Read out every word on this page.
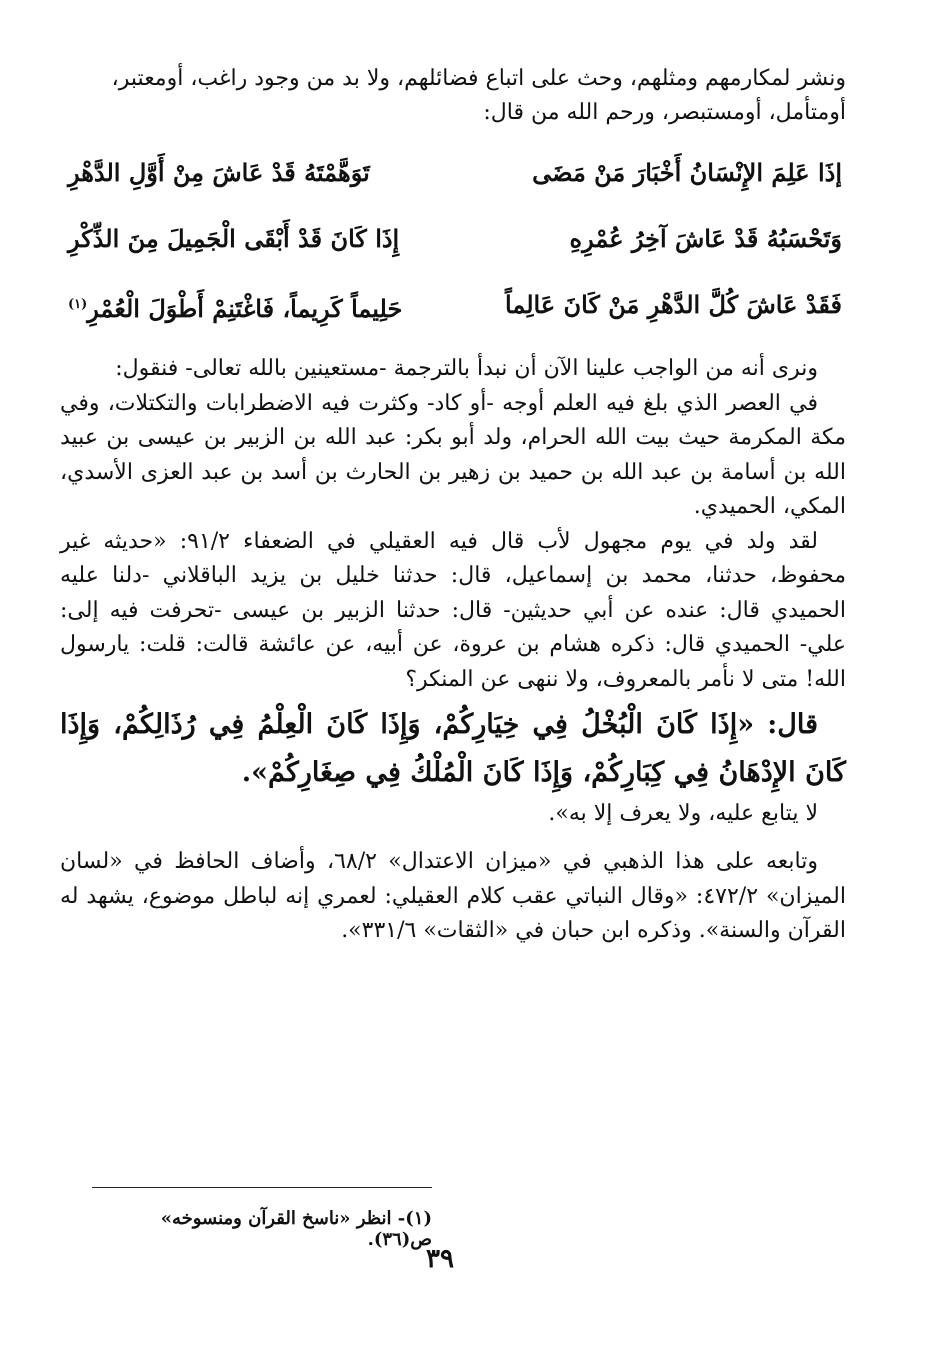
ونشر لمكارمهم ومثلهم، وحث على اتباع فضائلهم، ولا بد من وجود راغب، أومعتبر،
أومتأمل، أومستبصر، ورحم الله من قال:
إذَا عَلِمَ الإِنْسَانُ أَخْبَارَ مَنْ مَضَى
تَوَهَّمْتَهُ قَدْ عَاشَ مِنْ أَوَّلِ الدَّهْرِ
وَتَحْسَبُهُ قَدْ عَاشَ آخِرُ عُمْرِهِ
إِذَا كَانَ قَدْ أَبْقَى الْجَمِيلَ مِنَ الذِّكْرِ
فَقَدْ عَاشَ كُلَّ الدَّهْرِ مَنْ كَانَ عَالِماً
حَلِيماً كَرِيماً، فَاغْتَنِمْ أَطْوَلَ الْعُمْرِ$^{(١)}$

ونرى أنه من الواجب علينا الآن أن نبدأ بالترجمة -مستعينين بالله تعالى- فنقول:

في العصر الذي بلغ فيه العلم أوجه -أو كاد- وكثرت فيه الاضطرابات والتكتلات، وفي مكة المكرمة حيث بيت الله الحرام، ولد أبو بكر: عبد الله بن الزبير بن عيسى بن عبيد الله بن أسامة بن عبد الله بن حميد بن زهير بن الحارث بن أسد بن عبد العزى الأسدي، المكي، الحميدي.

لقد ولد في يوم مجهول لأب قال فيه العقيلي في الضعفاء ٩١/٢: «حديثه غير محفوظ، حدثنا، محمد بن إسماعيل، قال: حدثنا خليل بن يزيد الباقلاني -دلنا عليه الحميدي قال: عنده عن أبي حديثين- قال: حدثنا الزبير بن عيسى -تحرفت فيه إلى: علي- الحميدي قال: ذكره هشام بن عروة، عن أبيه، عن عائشة قالت: قلت: يارسول الله! متى لا نأمر بالمعروف، ولا ننهى عن المنكر؟

قال: «إِذَا كَانَ الْبُخْلُ فِي خِيَارِكُمْ، وَإِذَا كَانَ الْعِلْمُ فِي رُذَالِكُمْ، وَإِذَا كَانَ الإِدْهَانُ فِي كِبَارِكُمْ، وَإِذَا كَانَ الْمُلْكُ فِي صِغَارِكُمْ».

لا يتابع عليه، ولا يعرف إلا به».

وتابعه على هذا الذهبي في «ميزان الاعتدال» ٦٨/٢، وأضاف الحافظ في «لسان الميزان» ٤٧٢/٢: «وقال النباتي عقب كلام العقيلي: لعمري إنه لباطل موضوع، يشهد له القرآن والسنة». وذكره ابن حبان في «الثقات» ٣٣١/٦».

(١)- انظر «ناسخ القرآن ومنسوخه» ص(٣٦).
٣٩
